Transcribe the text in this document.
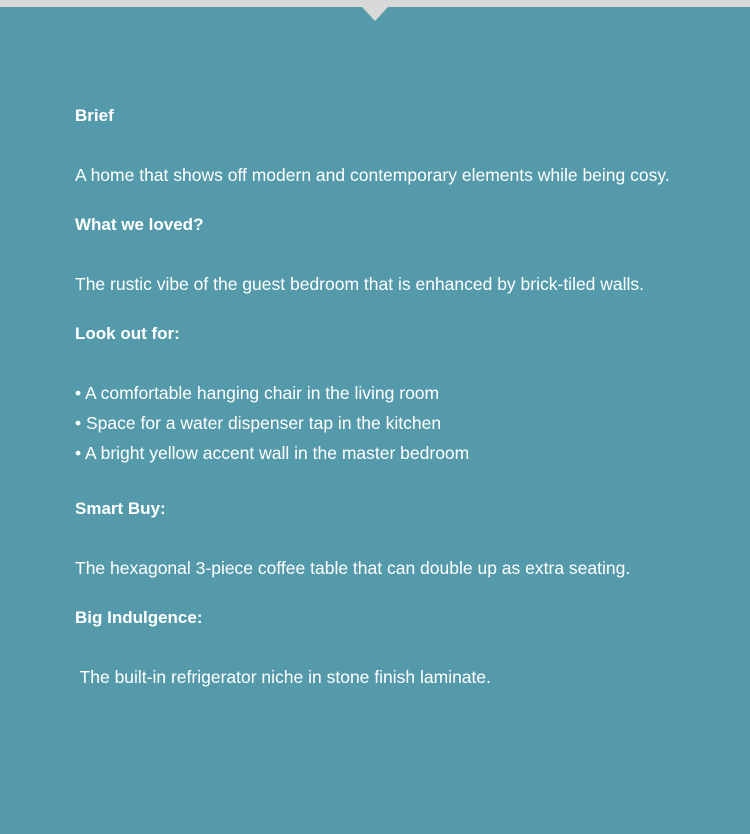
Brief
A home that shows off modern and contemporary elements while being cosy.
What we loved?
The rustic vibe of the guest bedroom that is enhanced by brick-tiled walls.
Look out for:
• A comfortable hanging chair in the living room
• Space for a water dispenser tap in the kitchen
• A bright yellow accent wall in the master bedroom
Smart Buy:
The hexagonal 3-piece coffee table that can double up as extra seating.
Big Indulgence:
The built-in refrigerator niche in stone finish laminate.
